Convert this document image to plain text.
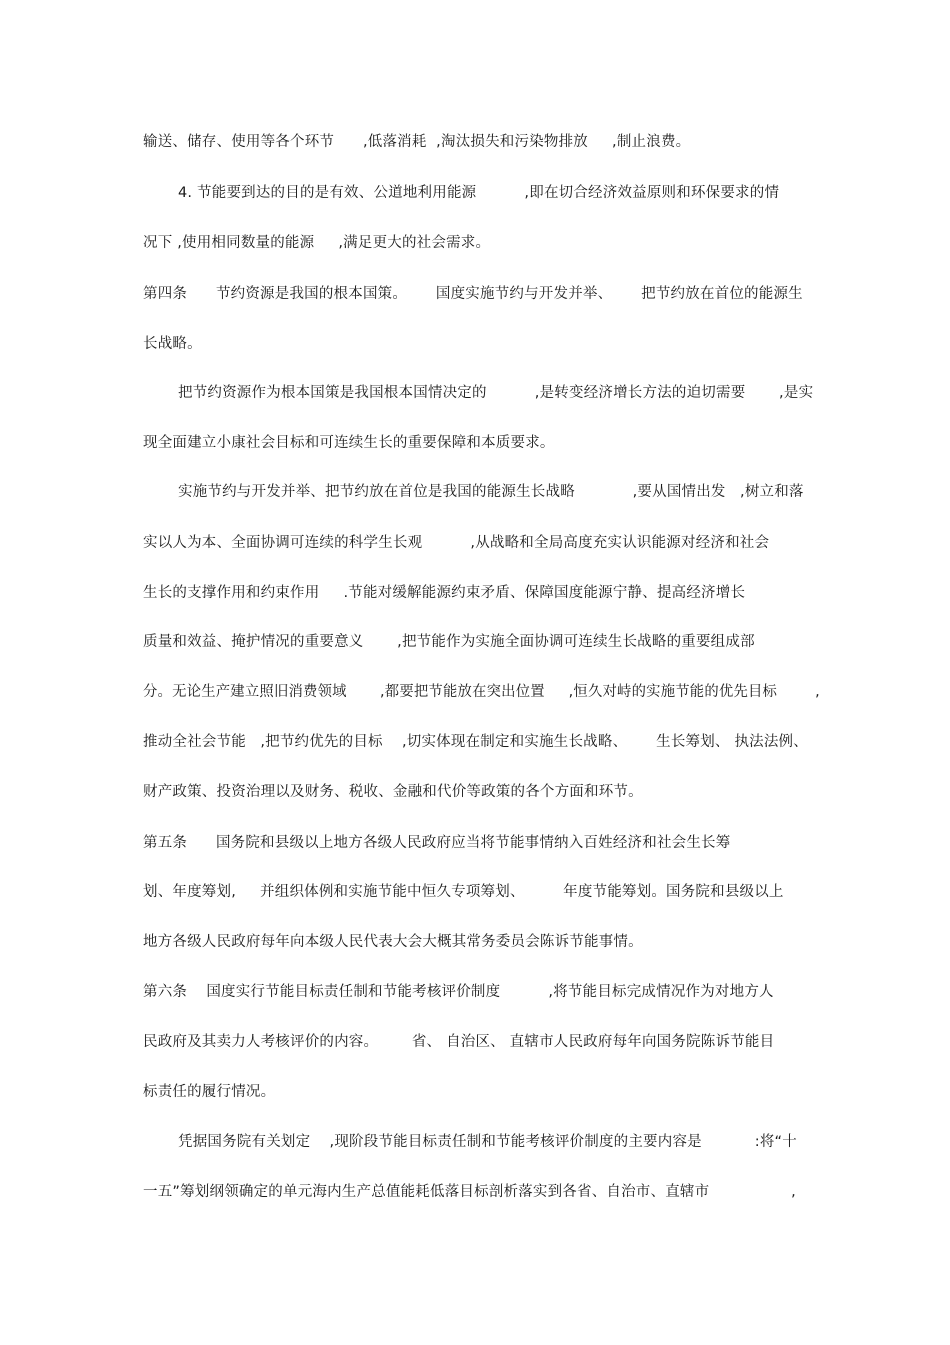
输送、储存、使用等各个环节      ,低落消耗  ,淘汰损失和污染物排放     ,制止浪费。
4. 节能要到达的目的是有效、公道地利用能源          ,即在切合经济效益原则和环保要求的情
况下 ,使用相同数量的能源     ,满足更大的社会需求。
第四条      节约资源是我国的根本国策。      国度实施节约与开发并举、      把节约放在首位的能源生
长战略。
把节约资源作为根本国策是我国根本国情决定的          ,是转变经济增长方法的迫切需要       ,是实
现全面建立小康社会目标和可连续生长的重要保障和本质要求。
实施节约与开发并举、把节约放在首位是我国的能源生长战略            ,要从国情出发   ,树立和落
实以人为本、全面协调可连续的科学生长观          ,从战略和全局高度充实认识能源对经济和社会
生长的支撑作用和约束作用     .节能对缓解能源约束矛盾、保障国度能源宁静、提高经济增长
质量和效益、掩护情况的重要意义       ,把节能作为实施全面协调可连续生长战略的重要组成部
分。无论生产建立照旧消费领域       ,都要把节能放在突出位置     ,恒久对峙的实施节能的优先目标        ,
推动全社会节能   ,把节约优先的目标    ,切实体现在制定和实施生长战略、      生长筹划、 执法法例、
财产政策、投资治理以及财务、税收、金融和代价等政策的各个方面和环节。
第五条      国务院和县级以上地方各级人民政府应当将节能事情纳入百姓经济和社会生长筹
划、年度筹划,     并组织体例和实施节能中恒久专项筹划、        年度节能筹划。国务院和县级以上
地方各级人民政府每年向本级人民代表大会大概其常务委员会陈诉节能事情。
第六条    国度实行节能目标责任制和节能考核评价制度          ,将节能目标完成情况作为对地方人
民政府及其卖力人考核评价的内容。       省、 自治区、 直辖市人民政府每年向国务院陈诉节能目
标责任的履行情况。
凭据国务院有关划定    ,现阶段节能目标责任制和节能考核评价制度的主要内容是           :将“十
一五”筹划纲领确定的单元海内生产总值能耗低落目标剖析落实到各省、自治市、直辖市                 ,
